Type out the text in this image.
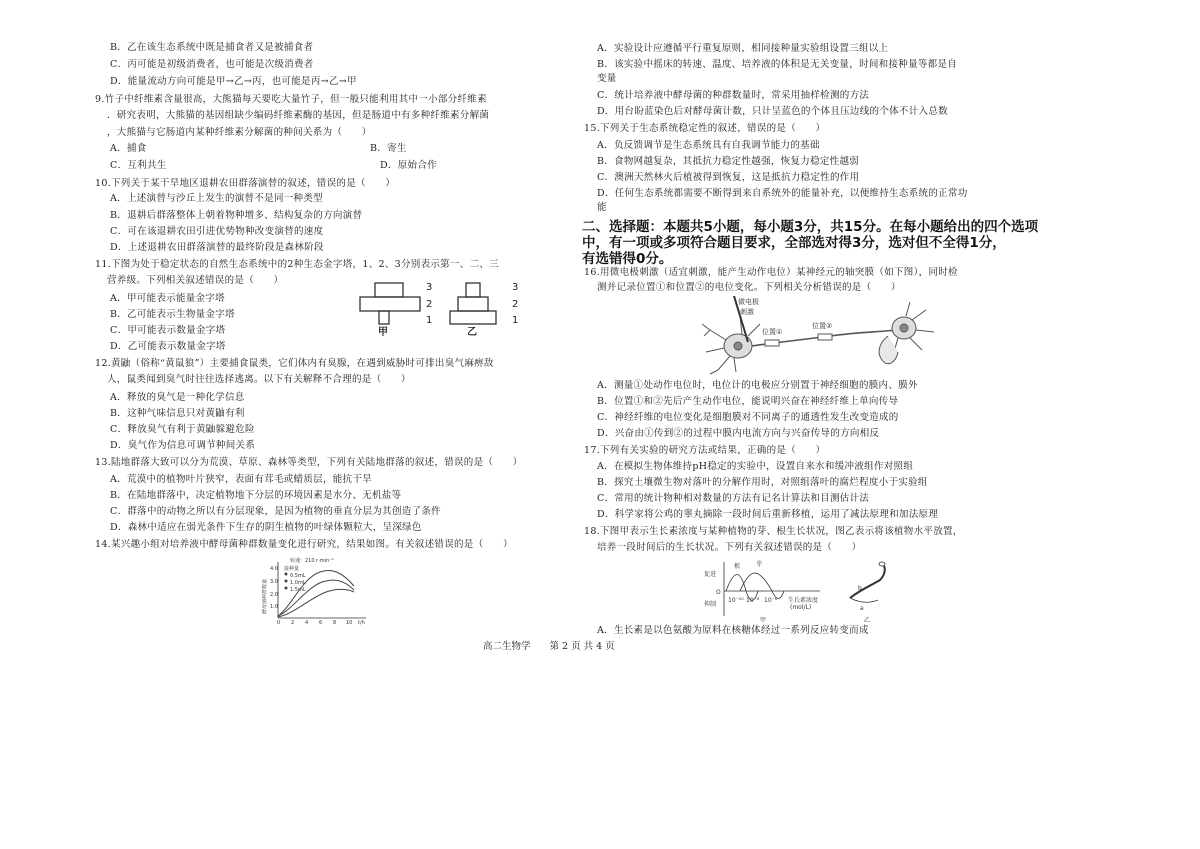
B．乙在该生态系统中既是捕食者又是被捕食者
C．丙可能是初级消费者，也可能是次级消费者
D．能量流动方向可能是甲→乙→丙，也可能是丙→乙→甲
9.竹子中纤维素含量很高，大熊猫每天要吃大量竹子，但一般只能利用其中一小部分纤维素
．研究表明，大熊猫的基因组缺少编码纤维素酶的基因，但是肠道中有多种纤维素分解菌
，大熊猫与它肠道内某种纤维素分解菌的种间关系为（　　）
A．捕食	B．寄生
C．互利共生	D．原始合作
10.下列关于某干旱地区退耕农田群落演替的叙述，错误的是（　　）
A．上述演替与沙丘上发生的演替不是同一种类型
B．退耕后群落整体上朝着物种增多、结构复杂的方向演替
C．可在该退耕农田引进优势物种改变演替的速度
D．上述退耕农田群落演替的最终阶段是森林阶段
11.下图为处于稳定状态的自然生态系统中的2种生态金字塔，1、2、3分别表示第一、二、三
营养级。下列相关叙述错误的是（　　）
A．甲可能表示能量金字塔
B．乙可能表示生物量金字塔
C．甲可能表示数量金字塔
D．乙可能表示数量金字塔
12.黄鼬（俗称“黄鼠狼”）主要捕食鼠类，它们体内有臭腺，在遇到威胁时可排出臭气麻痹敌
人，鼠类闻到臭气时往往选择逃离。以下有关解释不合理的是（　　）
A．释放的臭气是一种化学信息
B．这种气味信息只对黄鼬有利
C．释放臭气有利于黄鼬躲避危险
D．臭气作为信息可调节种间关系
13.陆地群落大致可以分为荒漠、草原、森林等类型，下列有关陆地群落的叙述，错误的是（　　）
A．荒漠中的植物叶片狭窄，表面有茸毛或蜡质层，能抗干旱
B．在陆地群落中，决定植物地下分层的环境因素是水分、无机盐等
C．群落中的动物之所以有分层现象，是因为植物的垂直分层为其创造了条件
D．森林中适应在弱光条件下生存的阴生植物的叶绿体颗粒大，呈深绿色
14.某兴趣小组对培养液中酵母菌种群数量变化进行研究，结果如图。有关叙述错误的是（　　）
3
2
1
3
2
1
甲	乙
转速：210 r·min⁻¹
接种量
0.5mL
1.0mL
1.5mL
4.0
3.0
2.0
1.0
0 2 4 6 8 10 t/h
酵母菌种群数量
A．实验设计应遵循平行重复原则，相同接种量实验组设置三组以上
B．该实验中摇床的转速、温度、培养液的体积是无关变量，时间和接种量等都是自
变量
C．统计培养液中酵母菌的种群数量时，常采用抽样检测的方法
D．用台盼蓝染色后对酵母菌计数，只计呈蓝色的个体且压边线的个体不计入总数
15.下列关于生态系统稳定性的叙述，错误的是（　　）
A．负反馈调节是生态系统具有自我调节能力的基础
B．食物网越复杂，其抵抗力稳定性越强，恢复力稳定性越弱
C．澳洲天然林火后植被得到恢复，这是抵抗力稳定性的作用
D．任何生态系统都需要不断得到来自系统外的能量补充，以便维持生态系统的正常功
能
二、选择题：本题共5小题，每小题3分，共15分。在每小题给出的四个选项
中，有一项或多项符合题目要求，全部选对得3分，选对但不全得1分，
有选错得0分。
16.用微电极刺激（适宜刺激，能产生动作电位）某神经元的轴突膜（如下图），同时检
测并记录位置①和位置②的电位变化。下列相关分析错误的是（　　）
A．测量①处动作电位时，电位计的电极应分别置于神经细胞的膜内、膜外
B．位置①和②先后产生动作电位，能说明兴奋在神经纤维上单向传导
C．神经纤维的电位变化是细胞膜对不同离子的通透性发生改变造成的
D．兴奋由①传到②的过程中膜内电流方向与兴奋传导的方向相反
17.下列有关实验的研究方法或结果，正确的是（　　）
A．在模拟生物体维持pH稳定的实验中，设置自来水和缓冲液组作对照组
B．探究土壤微生物对落叶的分解作用时，对照组落叶的腐烂程度小于实验组
C．常用的统计物种相对数量的方法有记名计算法和目测估计法
D．科学家将公鸡的睾丸摘除一段时间后重新移植，运用了减法原理和加法原理
18.下图甲表示生长素浓度与某种植物的芽、根生长状况，图乙表示将该植物水平放置，
培养一段时间后的生长状况。下列有关叙述错误的是（　　）
A．生长素是以色氨酸为原料在核糖体经过一系列反应转变而成
微电极
刺激
位置①
位置②
促进
O
抑制
根	芽
10⁻¹⁰ 10⁻⁸ 10⁻⁶ 生长素浓度
(mol/L)
甲	乙
a
b
高二生物学　　第 2 页 共 4 页
